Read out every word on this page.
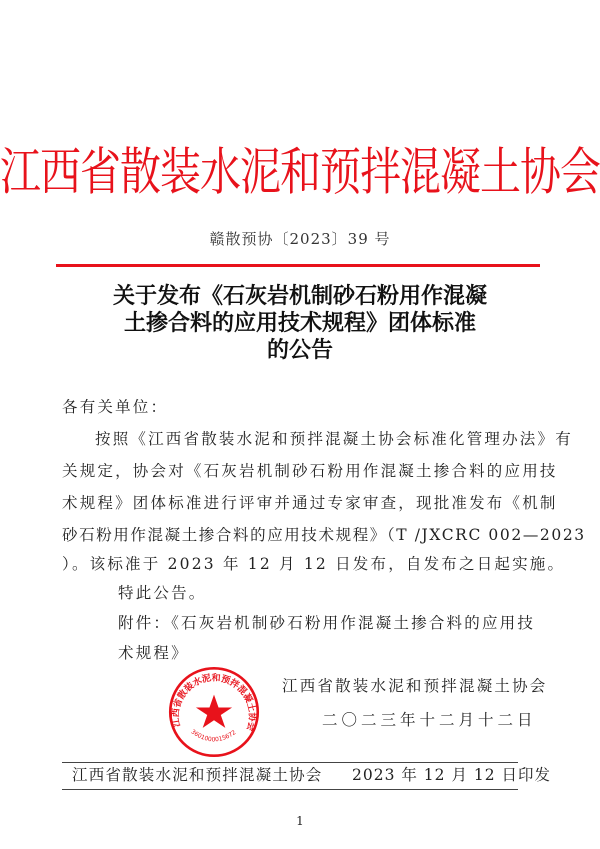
江西省散装水泥和预拌混凝土协会
赣散预协〔2023〕39 号
关于发布《石灰岩机制砂石粉用作混凝
土掺合料的应用技术规程》团体标准
的公告
各有关单位：
按照《江西省散装水泥和预拌混凝土协会标准化管理办法》有
关规定，协会对《石灰岩机制砂石粉用作混凝土掺合料的应用技
术规程》团体标准进行评审并通过专家审查，现批准发布《机制
砂石粉用作混凝土掺合料的应用技术规程》（T /JXCRC 002—2023
）。该标准于 2023 年 12 月 12 日发布，自发布之日起实施。
特此公告。
附件：《石灰岩机制砂石粉用作混凝土掺合料的应用技
术规程》
江西省散装水泥和预拌混凝土协会
二〇二三年十二月十二日
江西省散装水泥和预拌混凝土协会
3601000015672
江西省散装水泥和预拌混凝土协会 2023 年 12 月 12 日印发
1
